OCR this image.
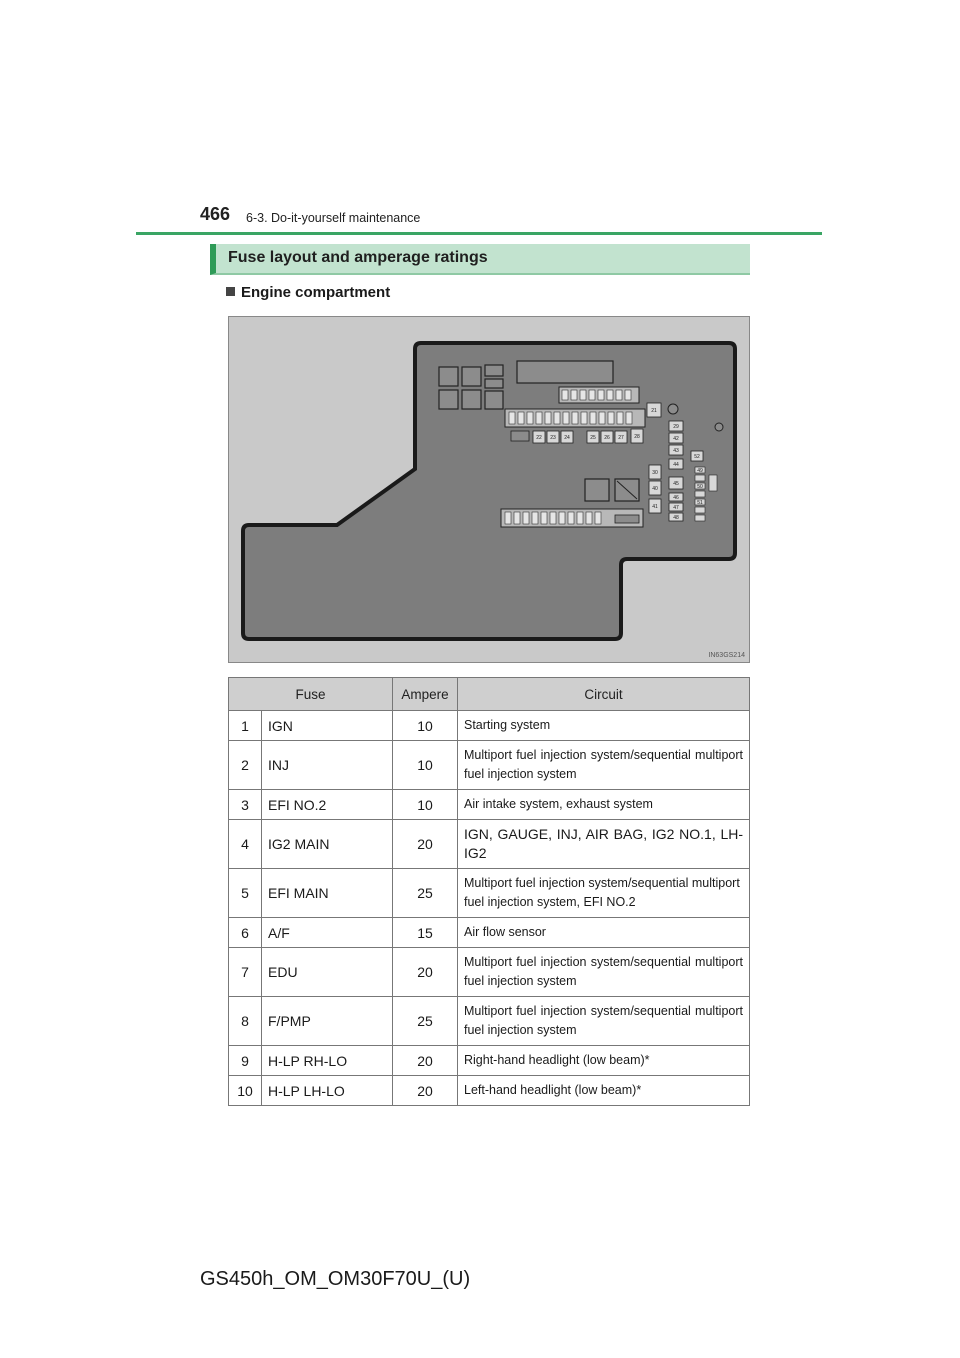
466 6-3. Do-it-yourself maintenance
Fuse layout and amperage ratings
Engine compartment
21
22 23 24	25 26 27 28
29
30
40
41
42
43
44
45
46
47
48
49
50
51
52
IN63GS214
Fuse		Ampere	Circuit
1	IGN	10	Starting system
2	INJ	10	Multiport fuel injection system/sequential multiport fuel injection system
3	EFI NO.2	10	Air intake system, exhaust system
4	IG2 MAIN	20	IGN, GAUGE, INJ, AIR BAG, IG2 NO.1, LH-IG2
5	EFI MAIN	25	Multiport fuel injection system/sequential multiport fuel injection system, EFI NO.2
6	A/F	15	Air flow sensor
7	EDU	20	Multiport fuel injection system/sequential multiport fuel injection system
8	F/PMP	25	Multiport fuel injection system/sequential multiport fuel injection system
9	H-LP RH-LO	20	Right-hand headlight (low beam)*
10	H-LP LH-LO	20	Left-hand headlight (low beam)*
GS450h_OM_OM30F70U_(U)
